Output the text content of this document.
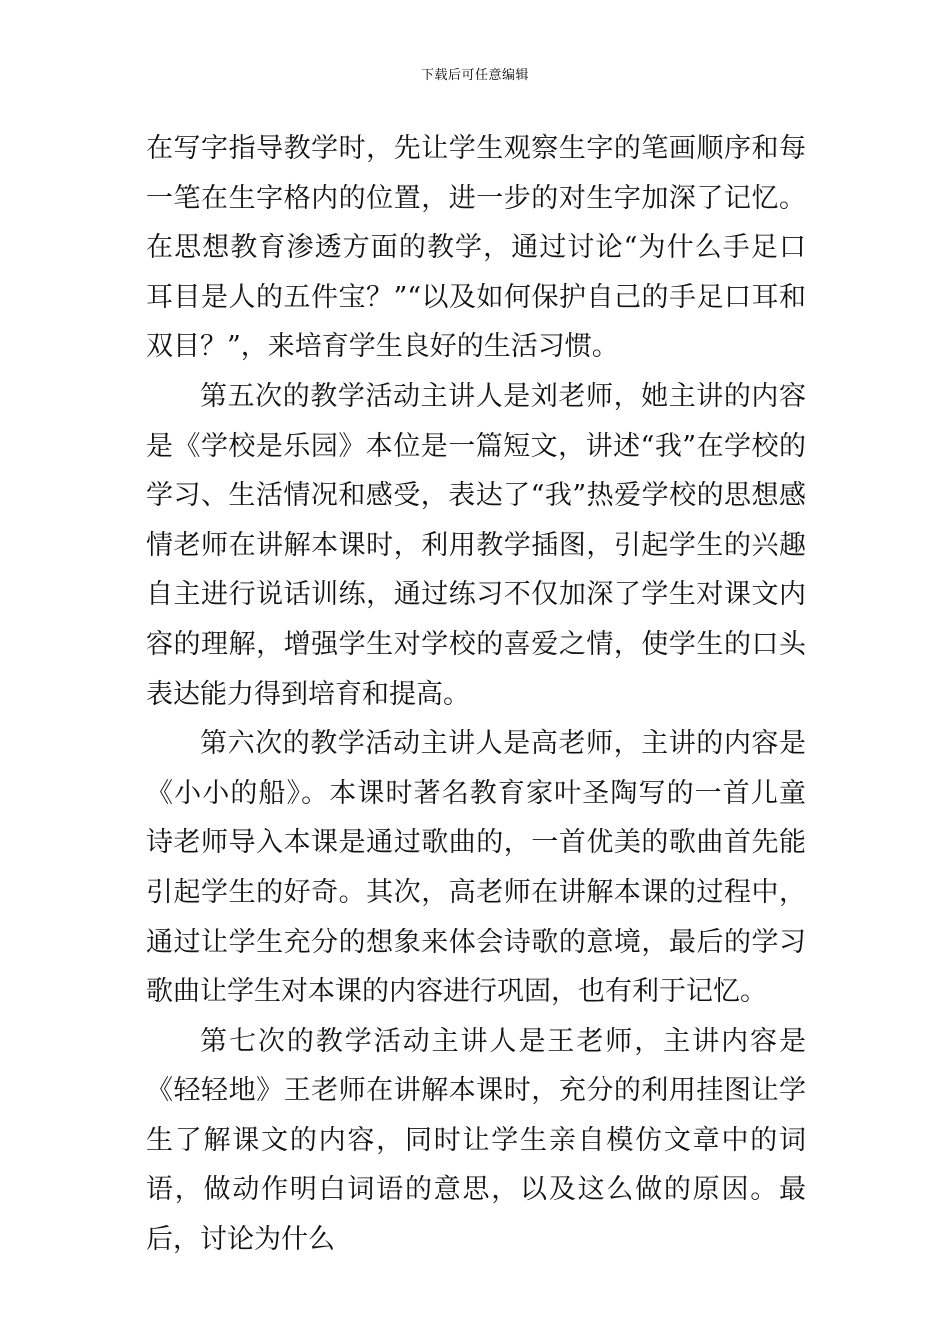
下载后可任意编辑

在写字指导教学时，先让学生观察生字的笔画顺序和每一笔在生字格内的位置，进一步的对生字加深了记忆。在思想教育渗透方面的教学，通过讨论“为什么手足口耳目是人的五件宝？”“以及如何保护自己的手足口耳和双目？”，来培育学生良好的生活习惯。

第五次的教学活动主讲人是刘老师，她主讲的内容是《学校是乐园》本位是一篇短文，讲述“我”在学校的学习、生活情况和感受，表达了“我”热爱学校的思想感情老师在讲解本课时，利用教学插图，引起学生的兴趣自主进行说话训练，通过练习不仅加深了学生对课文内容的理解，增强学生对学校的喜爱之情，使学生的口头表达能力得到培育和提高。

第六次的教学活动主讲人是高老师，主讲的内容是《小小的船》。本课时著名教育家叶圣陶写的一首儿童诗老师导入本课是通过歌曲的，一首优美的歌曲首先能引起学生的好奇。其次，高老师在讲解本课的过程中，通过让学生充分的想象来体会诗歌的意境，最后的学习歌曲让学生对本课的内容进行巩固，也有利于记忆。

第七次的教学活动主讲人是王老师，主讲内容是《轻轻地》王老师在讲解本课时，充分的利用挂图让学生了解课文的内容，同时让学生亲自模仿文章中的词语，做动作明白词语的意思，以及这么做的原因。最后，讨论为什么
